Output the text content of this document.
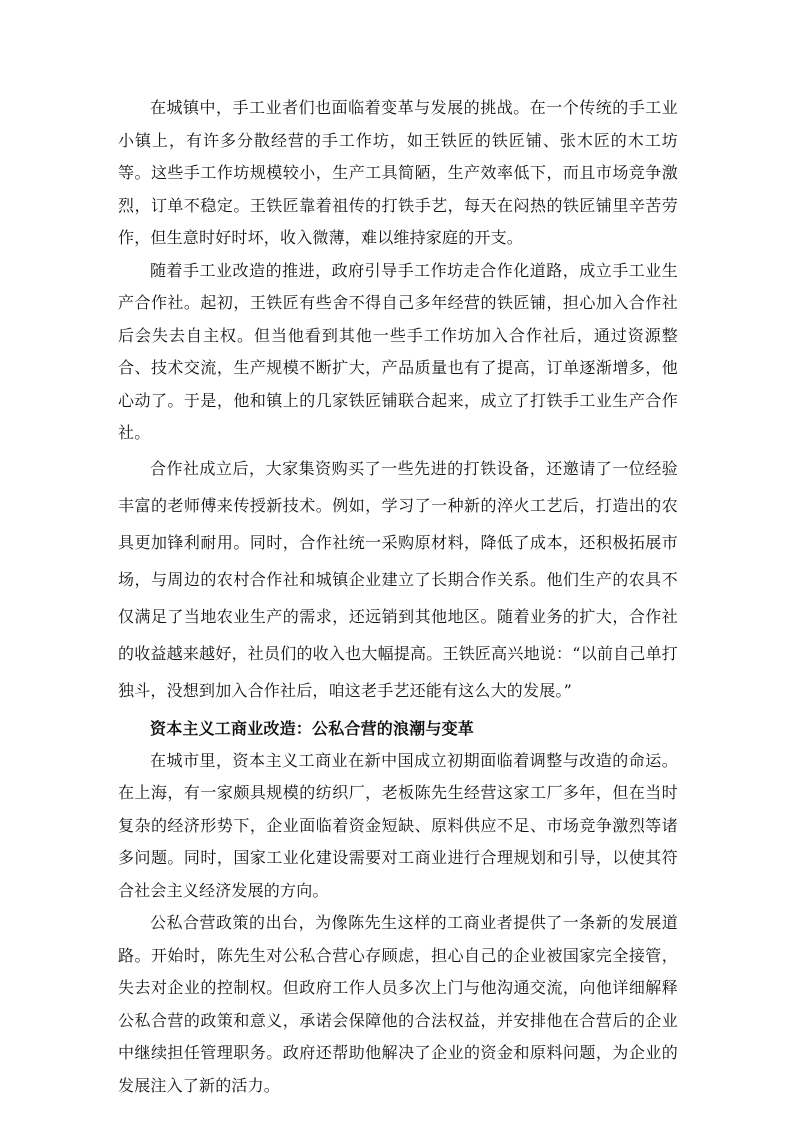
在城镇中，手工业者们也面临着变革与发展的挑战。在一个传统的手工业小镇上，有许多分散经营的手工作坊，如王铁匠的铁匠铺、张木匠的木工坊等。这些手工作坊规模较小，生产工具简陋，生产效率低下，而且市场竞争激烈，订单不稳定。王铁匠靠着祖传的打铁手艺，每天在闷热的铁匠铺里辛苦劳作，但生意时好时坏，收入微薄，难以维持家庭的开支。

随着手工业改造的推进，政府引导手工作坊走合作化道路，成立手工业生产合作社。起初，王铁匠有些舍不得自己多年经营的铁匠铺，担心加入合作社后会失去自主权。但当他看到其他一些手工作坊加入合作社后，通过资源整合、技术交流，生产规模不断扩大，产品质量也有了提高，订单逐渐增多，他心动了。于是，他和镇上的几家铁匠铺联合起来，成立了打铁手工业生产合作社。

合作社成立后，大家集资购买了一些先进的打铁设备，还邀请了一位经验丰富的老师傅来传授新技术。例如，学习了一种新的淬火工艺后，打造出的农具更加锋利耐用。同时，合作社统一采购原材料，降低了成本，还积极拓展市场，与周边的农村合作社和城镇企业建立了长期合作关系。他们生产的农具不仅满足了当地农业生产的需求，还远销到其他地区。随着业务的扩大，合作社的收益越来越好，社员们的收入也大幅提高。王铁匠高兴地说：“以前自己单打独斗，没想到加入合作社后，咱这老手艺还能有这么大的发展。”

资本主义工商业改造：公私合营的浪潮与变革

在城市里，资本主义工商业在新中国成立初期面临着调整与改造的命运。在上海，有一家颇具规模的纺织厂，老板陈先生经营这家工厂多年，但在当时复杂的经济形势下，企业面临着资金短缺、原料供应不足、市场竞争激烈等诸多问题。同时，国家工业化建设需要对工商业进行合理规划和引导，以使其符合社会主义经济发展的方向。

公私合营政策的出台，为像陈先生这样的工商业者提供了一条新的发展道路。开始时，陈先生对公私合营心存顾虑，担心自己的企业被国家完全接管，失去对企业的控制权。但政府工作人员多次上门与他沟通交流，向他详细解释公私合营的政策和意义，承诺会保障他的合法权益，并安排他在合营后的企业中继续担任管理职务。政府还帮助他解决了企业的资金和原料问题，为企业的发展注入了新的活力。
